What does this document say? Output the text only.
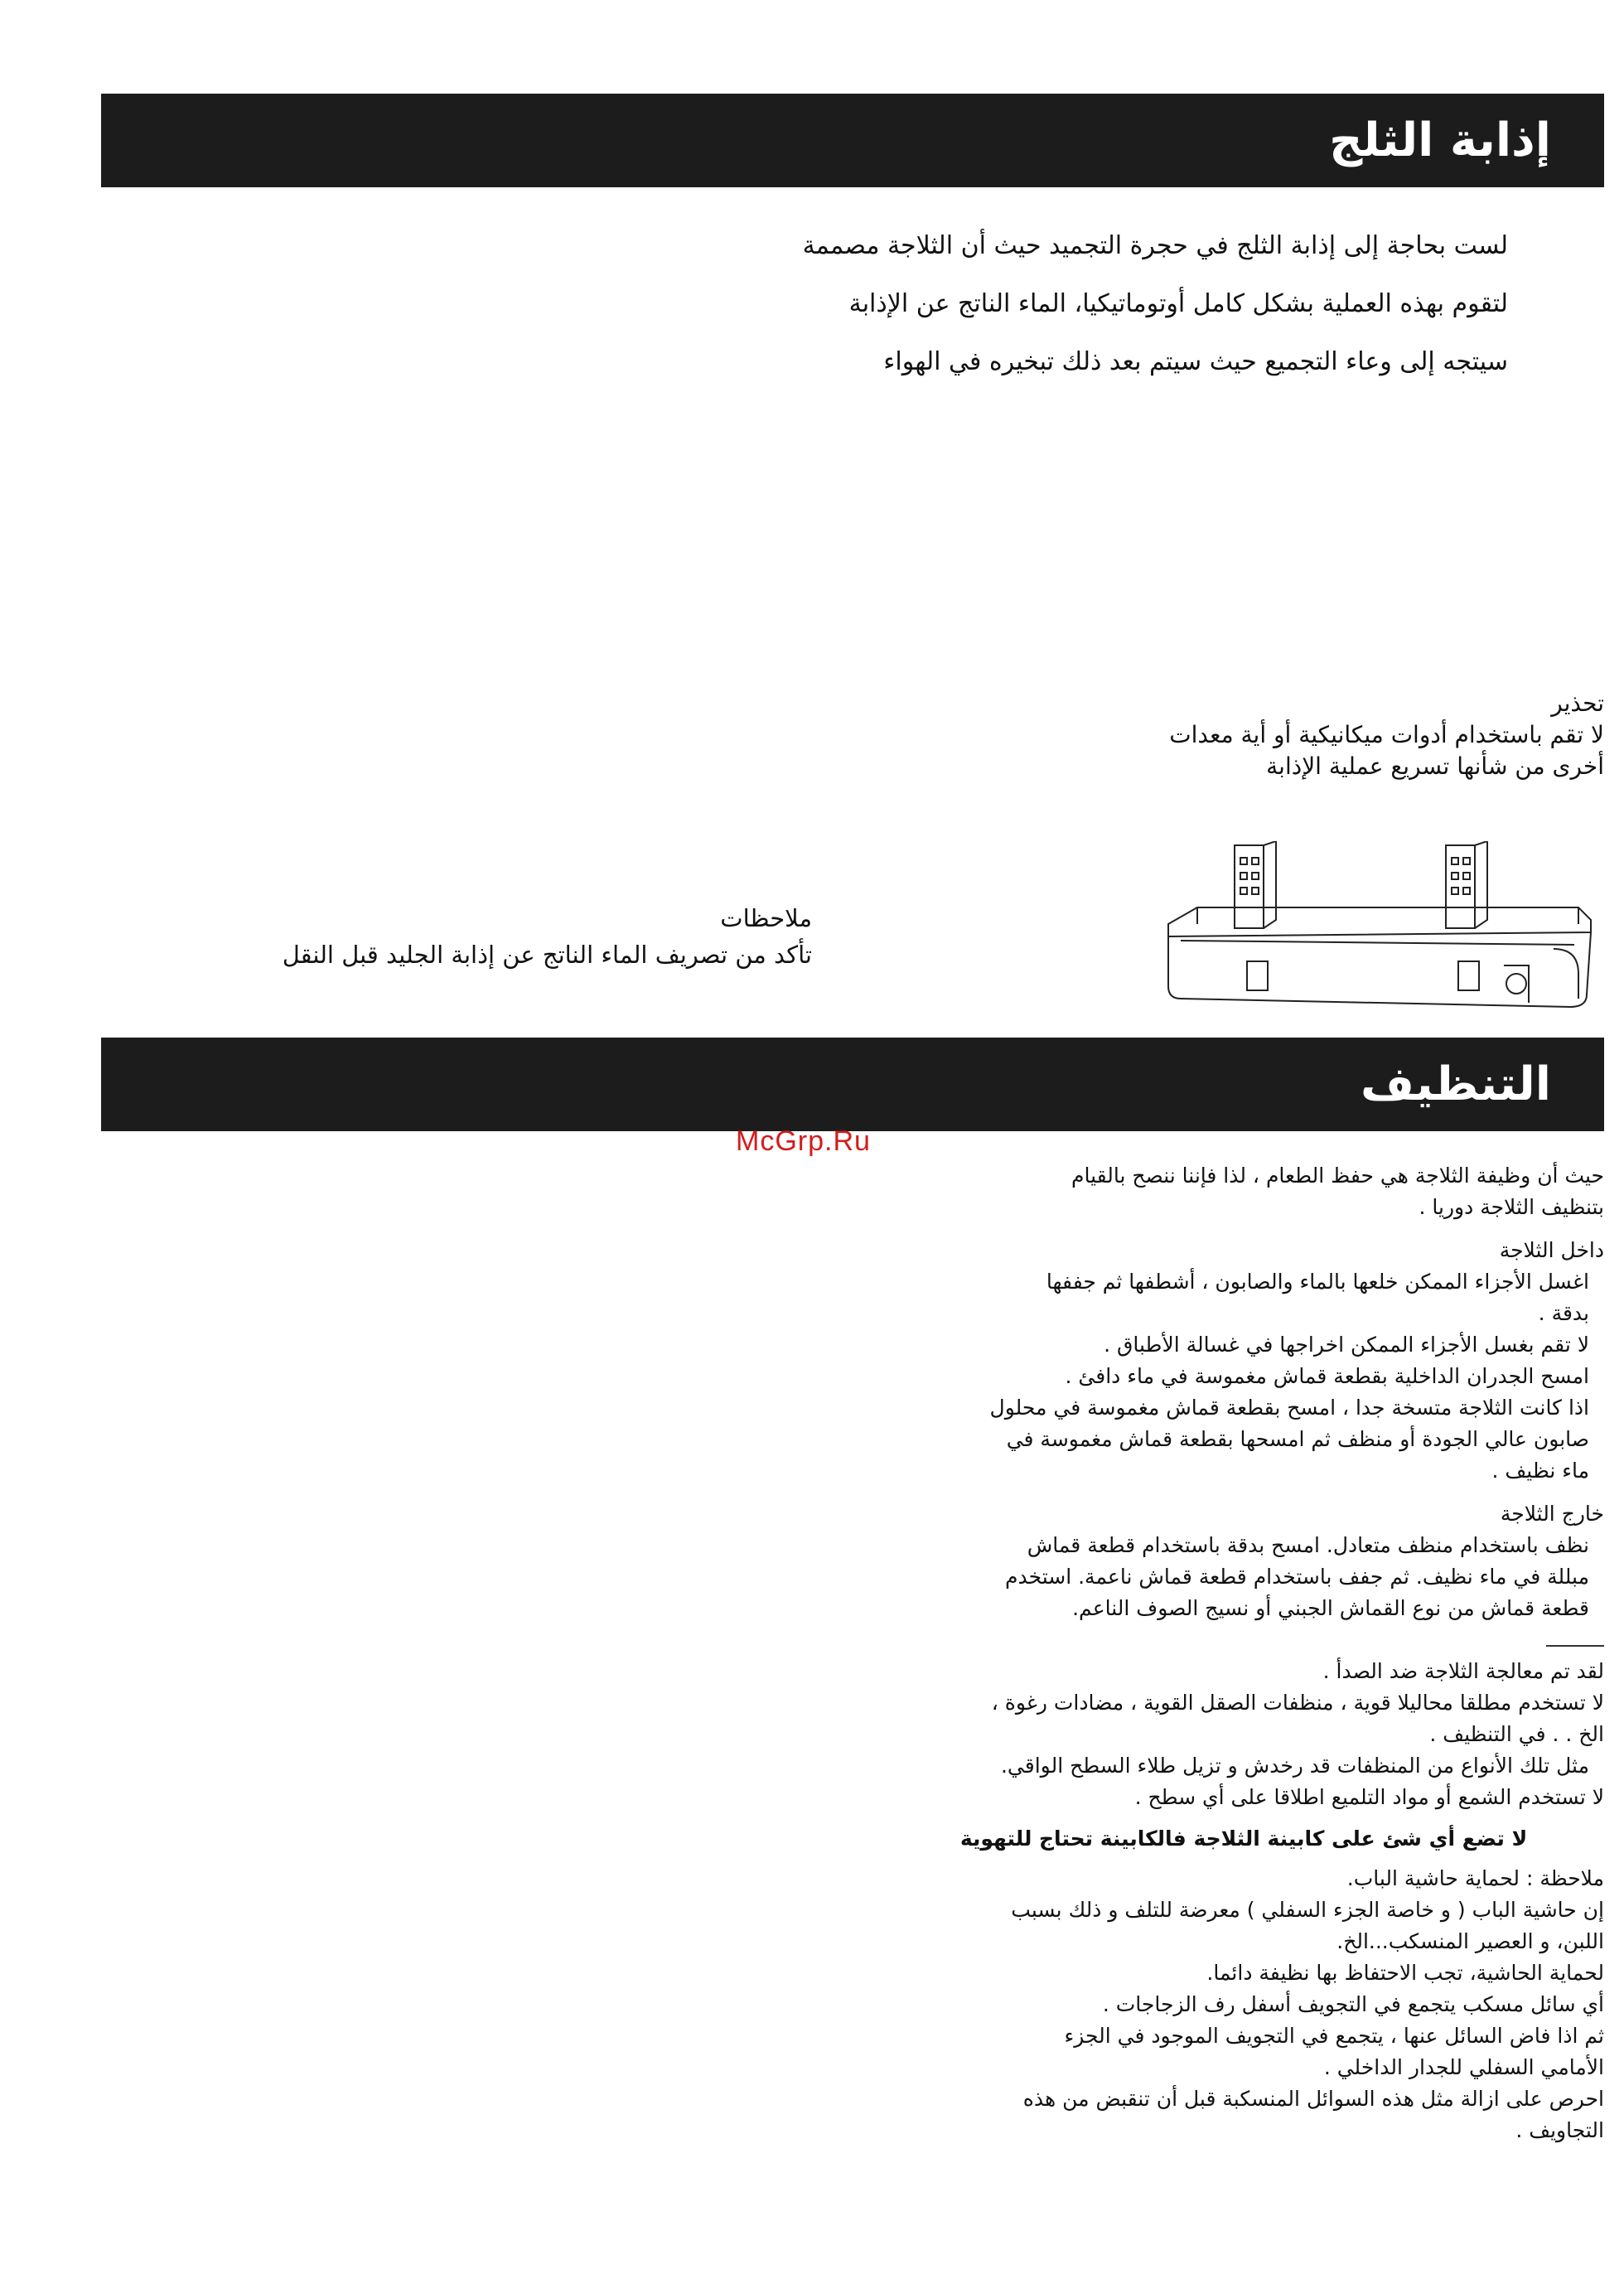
إذابة الثلج
لست بحاجة إلى إذابة الثلج في حجرة التجميد حيث أن الثلاجة مصممة
لتقوم بهذه العملية بشكل كامل أوتوماتيكيا، الماء الناتج عن الإذابة
سيتجه إلى وعاء التجميع حيث سيتم بعد ذلك تبخيره في الهواء
تحذير
لا تقم باستخدام أدوات ميكانيكية أو أية معدات
أخرى من شأنها تسريع عملية الإذابة
ملاحظات
تأكد من تصريف الماء الناتج عن إذابة الجليد قبل النقل
التنظيف
McGrp.Ru

حيث أن وظيفة الثلاجة هي حفظ الطعام ، لذا فإننا ننصح بالقيام

بتنظيف الثلاجة دوريا .

داخل الثلاجة

اغسل الأجزاء الممكن خلعها بالماء والصابون ، أشطفها ثم جففها

بدقة .

لا تقم بغسل الأجزاء الممكن اخراجها في غسالة الأطباق .

امسح الجدران الداخلية بقطعة قماش مغموسة في ماء دافئ .

اذا كانت الثلاجة متسخة جدا ، امسح بقطعة قماش مغموسة في محلول

صابون عالي الجودة أو منظف ثم امسحها بقطعة قماش مغموسة في

ماء نظيف .

خارج الثلاجة

نظف باستخدام منظف متعادل. امسح بدقة باستخدام قطعة قماش

مبللة في ماء نظيف. ثم جفف باستخدام قطعة قماش ناعمة. استخدم

قطعة قماش من نوع القماش الجبني أو نسيج الصوف الناعم.

لقد تم معالجة الثلاجة ضد الصدأ .

لا تستخدم مطلقا محاليلا قوية ، منظفات الصقل القوية ، مضادات رغوة ،

الخ . . في التنظيف .

مثل تلك الأنواع من المنظفات قد رخدش و تزيل طلاء السطح الواقي.

لا تستخدم الشمع أو مواد التلميع اطلاقا على أي سطح .

لا تضع أي شئ على كابينة الثلاجة فالكابينة تحتاج للتهوية

ملاحظة : لحماية حاشية الباب.

إن حاشية الباب ( و خاصة الجزء السفلي ) معرضة للتلف و ذلك بسبب

اللبن، و العصير المنسكب...الخ.

لحماية الحاشية، تجب الاحتفاظ بها نظيفة دائما.

أي سائل مسكب يتجمع في التجويف أسفل رف الزجاجات .

ثم اذا فاض السائل عنها ، يتجمع في التجويف الموجود في الجزء

الأمامي السفلي للجدار الداخلي .

احرص على ازالة مثل هذه السوائل المنسكبة قبل أن تنقبض من هذه

التجاويف .
